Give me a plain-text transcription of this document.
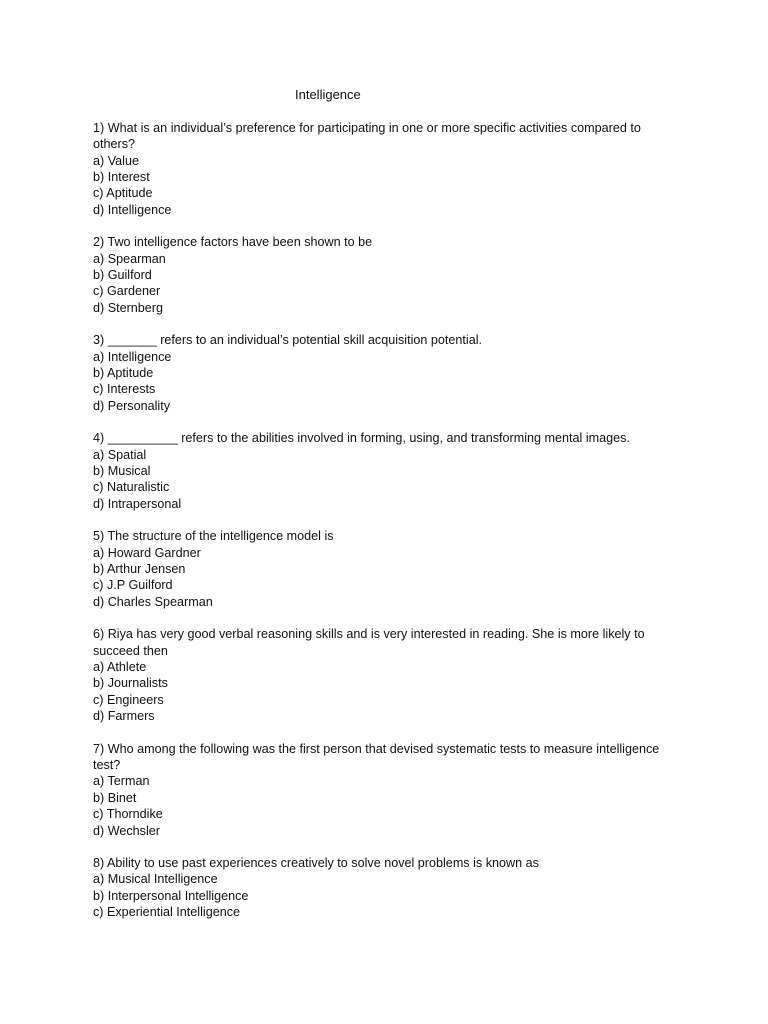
Intelligence
1) What is an individual’s preference for participating in one or more specific activities compared to others?
a) Value
b) Interest
c) Aptitude
d) Intelligence
2) Two intelligence factors have been shown to be
a) Spearman
b) Guilford
c) Gardener
d) Sternberg
3) _______ refers to an individual’s potential skill acquisition potential.
a) Intelligence
b) Aptitude
c) Interests
d) Personality
4) __________ refers to the abilities involved in forming, using, and transforming mental images.
a) Spatial
b) Musical
c) Naturalistic
d) Intrapersonal
5) The structure of the intelligence model is
a) Howard Gardner
b) Arthur Jensen
c) J.P Guilford
d) Charles Spearman
6) Riya has very good verbal reasoning skills and is very interested in reading. She is more likely to succeed then
a) Athlete
b) Journalists
c) Engineers
d) Farmers
7) Who among the following was the first person that devised systematic tests to measure intelligence test?
a) Terman
b) Binet
c) Thorndike
d) Wechsler
8) Ability to use past experiences creatively to solve novel problems is known as
a) Musical Intelligence
b) Interpersonal Intelligence
c) Experiential Intelligence
